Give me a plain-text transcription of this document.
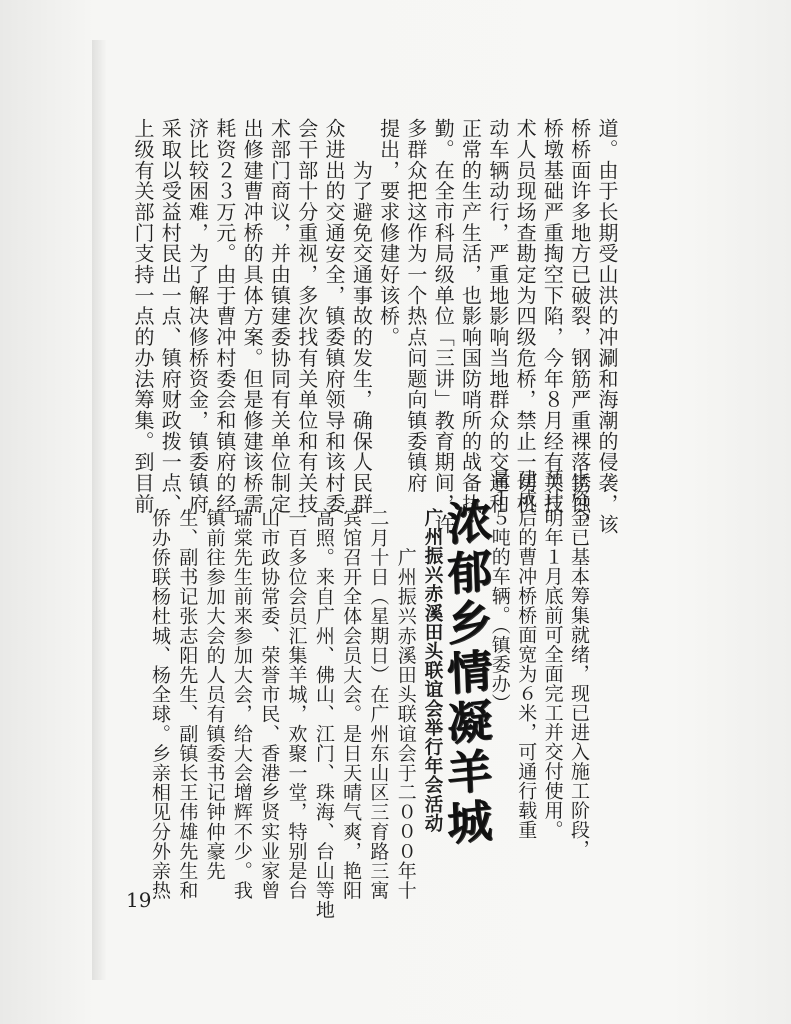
道。由于长期受山洪的冲涮和海潮的侵袭，该
桥桥面许多地方已破裂，钢筋严重裸落锈蚀，
桥墩基础严重掏空下陷，今年８月经有关技
术人员现场查勘定为四级危桥，禁止一切机
动车辆动行，严重地影响当地群众的交通和
正常的生产生活，也影响国防哨所的战备执
勤。在全市科局级单位「三讲」教育期间，许
多群众把这作为一个热点问题向镇委镇府
提出，要求修建好该桥。
　　为了避免交通事故的发生，确保人民群
众进出的交通安全，镇委镇府领导和该村委
会干部十分重视，多次找有关单位和有关技
术部门商议，并由镇建委协同有关单位制定
出修建曹冲桥的具体方案。但是修建该桥需
耗资２３万元。由于曹冲村委会和镇府的经
济比较困难，为了解决修桥资金，镇委镇府
采取以受益村民出一点、镇府财政拨一点、
上级有关部门支持一点的办法筹集。到目前
止资金已基本筹集就绪，现已进入施工阶段，
预计明年１月底前可全面完工并交付使用。
建成后的曹冲桥桥面宽为６米，可通行载重
量１５吨的车辆。（镇委办）
浓
郁
乡
情
凝
羊
城
广州振兴赤溪田头联谊会举行年会活动
　　广州振兴赤溪田头联谊会于二０００年十
二月十日（星期日）在广州东山区三育路三寓
宾馆召开全体会员大会。是日天晴气爽，艳阳
高照。来自广州、佛山、江门、珠海、台山等地
一百多位会员汇集羊城，欢聚一堂，特别是台
山市政协常委、荣誉市民、香港乡贤实业家曾
瑞棠先生前来参加大会，给大会增辉不少。我
镇前往参加大会的人员有镇委书记钟仲豪先
生、副书记张志阳先生、副镇长王伟雄先生和
侨办侨联杨杜城、杨全球。乡亲相见分外亲热
19
